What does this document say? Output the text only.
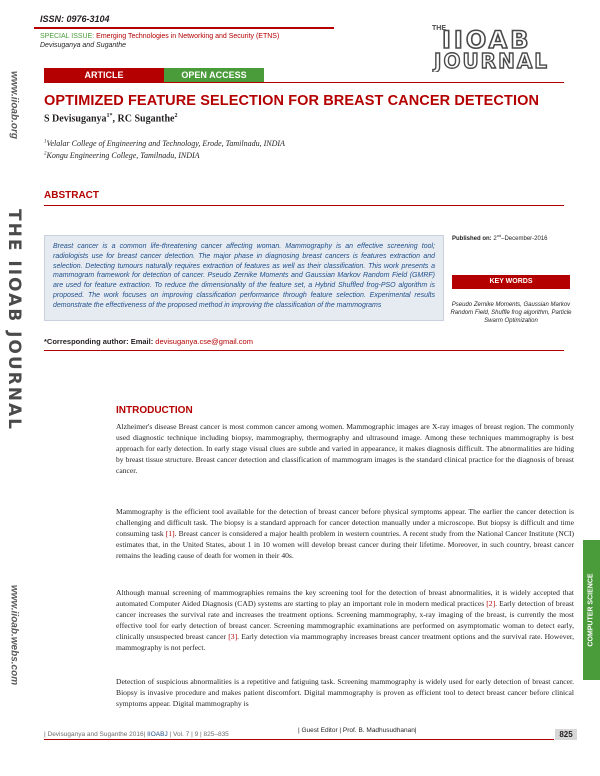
www.iioab.org
THE IIOAB JOURNAL
www.iioab.webs.com
ISSN: 0976-3104
SPECIAL ISSUE: Emerging Technologies in Networking and Security (ETNS)
Devisuganya and Suganthe
THE
IIOAB
JOURNAL
ARTICLE	OPEN ACCESS
OPTIMIZED FEATURE SELECTION FOR BREAST CANCER DETECTION
S Devisuganya$^{1*}$, RC Suganthe$^2$
$^1$Velalar College of Engineering and Technology, Erode, Tamilnadu, INDIA
$^2$Kongu Engineering College, Tamilnadu, INDIA
ABSTRACT

Breast cancer is a common life-threatening cancer affecting woman. Mammography is an effective screening tool; radiologists use for breast cancer detection. The major phase in diagnosing breast cancers is features extraction and selection. Detecting tumours naturally requires extraction of features as well as their classification. This work presents a mammogram framework for detection of cancer. Pseudo Zernike Moments and Gaussian Markov Random Field (GMRF) are used for feature extraction. To reduce the dimensionality of the feature set, a Hybrid Shuffled frog-PSO algorithm is proposed. The work focuses on improving classification performance through feature selection. Experimental results demonstrate the effectiveness of the proposed method in improving the classification of the mammograms

Published on: 2nd–December-2016
KEY WORDS
Pseudo Zernike Moments, Gaussian Markov Random Field, Shuffle frog algorithm, Particle Swarm Optimization
*Corresponding author: Email: devisuganya.cse@gmail.com
INTRODUCTION

Alzheimer's disease Breast cancer is most common cancer among women. Mammographic images are X-ray images of breast region. The commonly used diagnostic technique including biopsy, mammography, thermography and ultrasound image. Among these techniques mammography is best approach for early detection. In early stage visual clues are subtle and varied in appearance, it makes diagnosis difficult. The abnormalities are hiding by breast tissue structure. Breast cancer detection and classification of mammogram images is the standard clinical practice for the diagnosis of breast cancer.

Mammography is the efficient tool available for the detection of breast cancer before physical symptoms appear. The earlier the cancer detection is challenging and difficult task. The biopsy is a standard approach for cancer detection manually under a microscope. But biopsy is difficult and time consuming task [1]. Breast cancer is considered a major health problem in western countries. A recent study from the National Cancer Institute (NCI) estimates that, in the United States, about 1 in 10 women will develop breast cancer during their lifetime. Moreover, in such country, breast cancer remains the leading cause of death for women in their 40s.

Although manual screening of mammographies remains the key screening tool for the detection of breast abnormalities, it is widely accepted that automated Computer Aided Diagnosis (CAD) systems are starting to play an important role in modern medical practices [2]. Early detection of breast cancer increases the survival rate and increases the treatment options. Screening mammography, x-ray imaging of the breast, is currently the most effective tool for early detection of breast cancer. Screening mammographic examinations are performed on asymptomatic woman to detect early, clinically unsuspected breast cancer [3]. Early detection via mammography increases breast cancer treatment options and the survival rate. However, mammography is not perfect.

Detection of suspicious abnormalities is a repetitive and fatiguing task. Screening mammography is widely used for early detection of breast cancer. Biopsy is invasive procedure and makes patient discomfort. Digital mammography is proven as efficient tool to detect breast cancer before clinical symptoms appear. Digital mammography is

COMPUTER SCIENCE
| Devisuganya and Suganthe 2016| IIOABJ | Vol. 7 | 9 | 825–835
| Guest Editor | Prof. B. Madhusudhanan|	825
